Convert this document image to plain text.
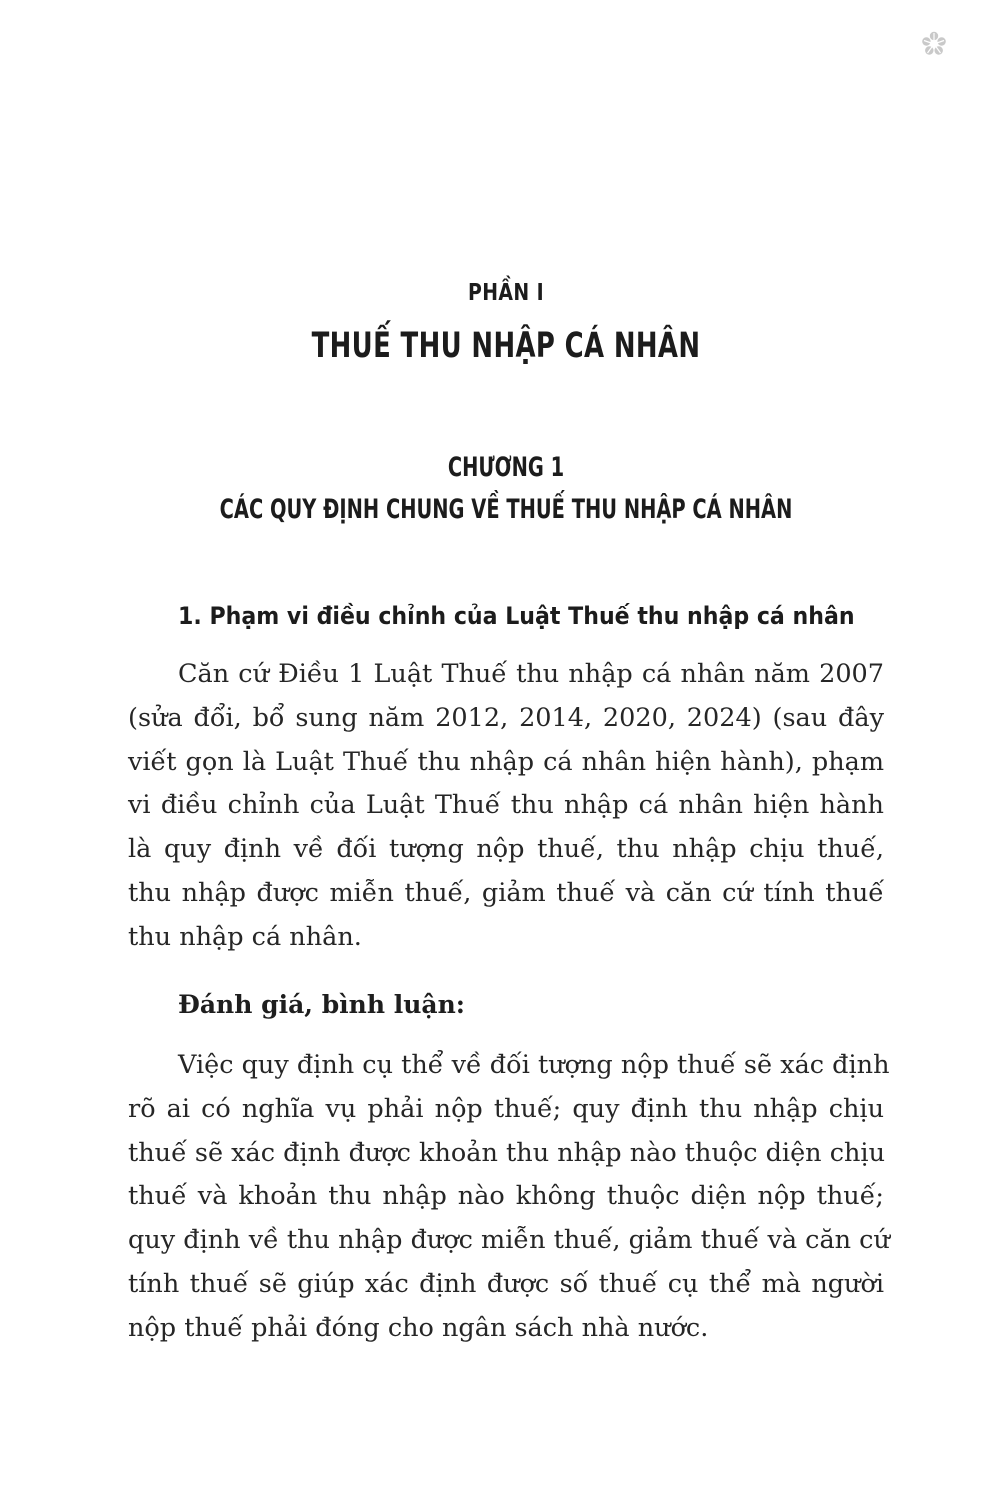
PHẦN I
THUẾ THU NHẬP CÁ NHÂN
CHƯƠNG 1
CÁC QUY ĐỊNH CHUNG VỀ THUẾ THU NHẬP CÁ NHÂN
1. Phạm vi điều chỉnh của Luật Thuế thu nhập cá nhân

Căn cứ Điều 1 Luật Thuế thu nhập cá nhân năm 2007
(sửa đổi, bổ sung năm 2012, 2014, 2020, 2024) (sau đây
viết gọn là Luật Thuế thu nhập cá nhân hiện hành), phạm
vi điều chỉnh của Luật Thuế thu nhập cá nhân hiện hành
là quy định về đối tượng nộp thuế, thu nhập chịu thuế,
thu nhập được miễn thuế, giảm thuế và căn cứ tính thuế
thu nhập cá nhân.

Đánh giá, bình luận:

Việc quy định cụ thể về đối tượng nộp thuế sẽ xác định
rõ ai có nghĩa vụ phải nộp thuế; quy định thu nhập chịu
thuế sẽ xác định được khoản thu nhập nào thuộc diện chịu
thuế và khoản thu nhập nào không thuộc diện nộp thuế;
quy định về thu nhập được miễn thuế, giảm thuế và căn cứ
tính thuế sẽ giúp xác định được số thuế cụ thể mà người
nộp thuế phải đóng cho ngân sách nhà nước.
